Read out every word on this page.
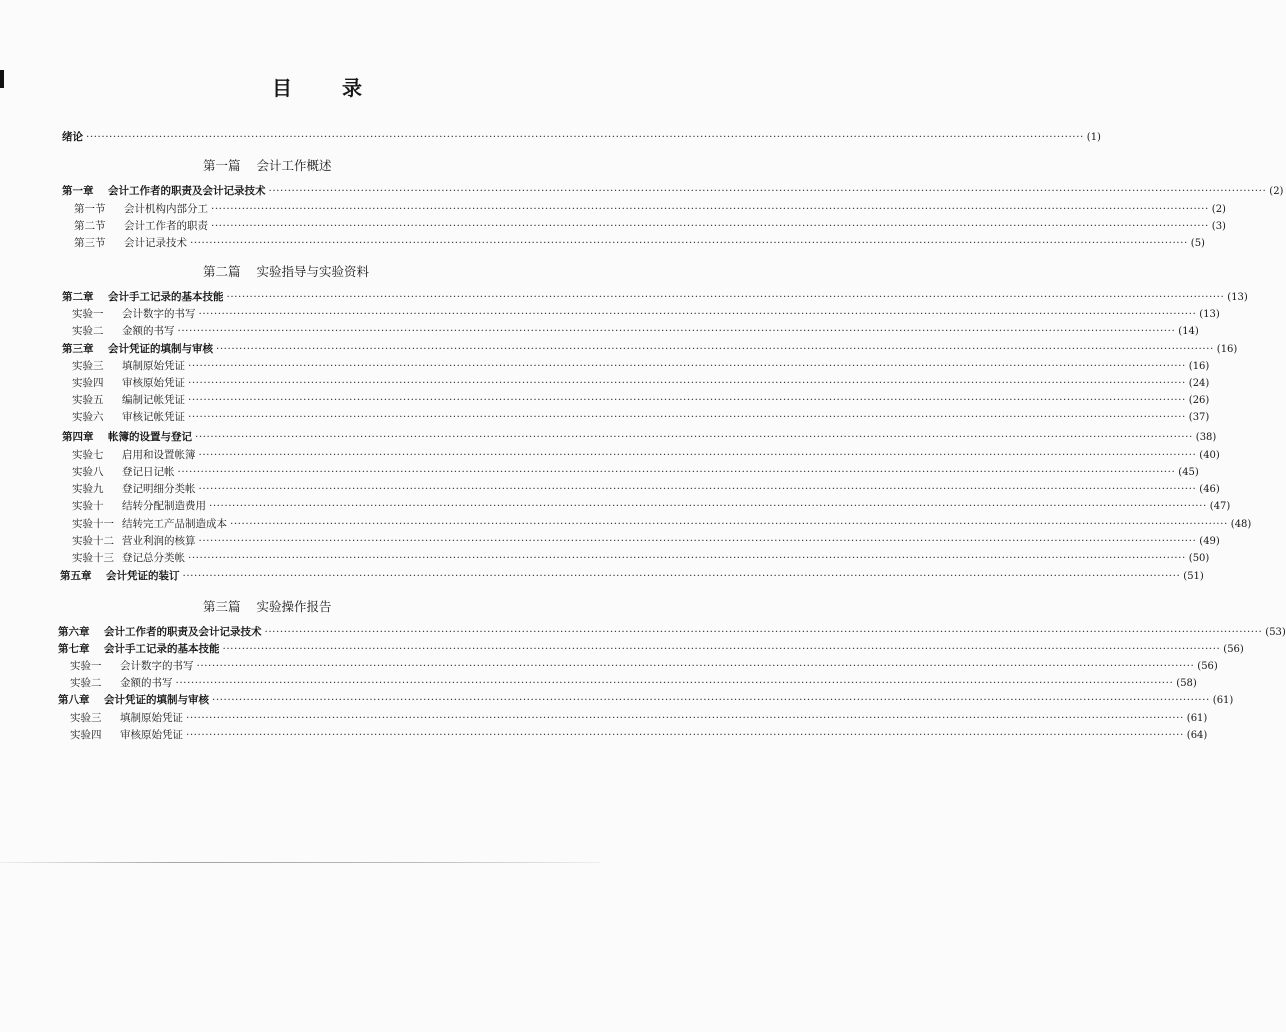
目	录
绪论 ···································································································································································································································································· (1)
第一篇 会计工作概述
第二篇 实验指导与实验资料
第三篇 实验操作报告
第一章	会计工作者的职责及会计记录技术 ···································································································································································································································································· (2)
第一节	会计机构内部分工 ···································································································································································································································································· (2)
第二节	会计工作者的职责 ···································································································································································································································································· (3)
第三节	会计记录技术 ···································································································································································································································································· (5)
第二章	会计手工记录的基本技能 ···································································································································································································································································· (13)
实验一	会计数字的书写 ···································································································································································································································································· (13)
实验二	金额的书写 ···································································································································································································································································· (14)
第三章	会计凭证的填制与审核 ···································································································································································································································································· (16)
实验三	填制原始凭证 ···································································································································································································································································· (16)
实验四	审核原始凭证 ···································································································································································································································································· (24)
实验五	编制记帐凭证 ···································································································································································································································································· (26)
实验六	审核记帐凭证 ···································································································································································································································································· (37)
第四章	帐簿的设置与登记 ···································································································································································································································································· (38)
实验七	启用和设置帐簿 ···································································································································································································································································· (40)
实验八	登记日记帐 ···································································································································································································································································· (45)
实验九	登记明细分类帐 ···································································································································································································································································· (46)
实验十	结转分配制造费用 ···································································································································································································································································· (47)
实验十一 结转完工产品制造成本 ···································································································································································································································································· (48)
实验十二 营业利润的核算 ···································································································································································································································································· (49)
实验十三 登记总分类帐 ···································································································································································································································································· (50)
第五章	会计凭证的装订 ···································································································································································································································································· (51)
第六章	会计工作者的职责及会计记录技术 ···································································································································································································································································· (53)
第七章	会计手工记录的基本技能 ···································································································································································································································································· (56)
实验一	会计数字的书写 ···································································································································································································································································· (56)
实验二	金额的书写 ···································································································································································································································································· (58)
第八章	会计凭证的填制与审核 ···································································································································································································································································· (61)
实验三	填制原始凭证 ···································································································································································································································································· (61)
实验四	审核原始凭证 ···································································································································································································································································· (64)
